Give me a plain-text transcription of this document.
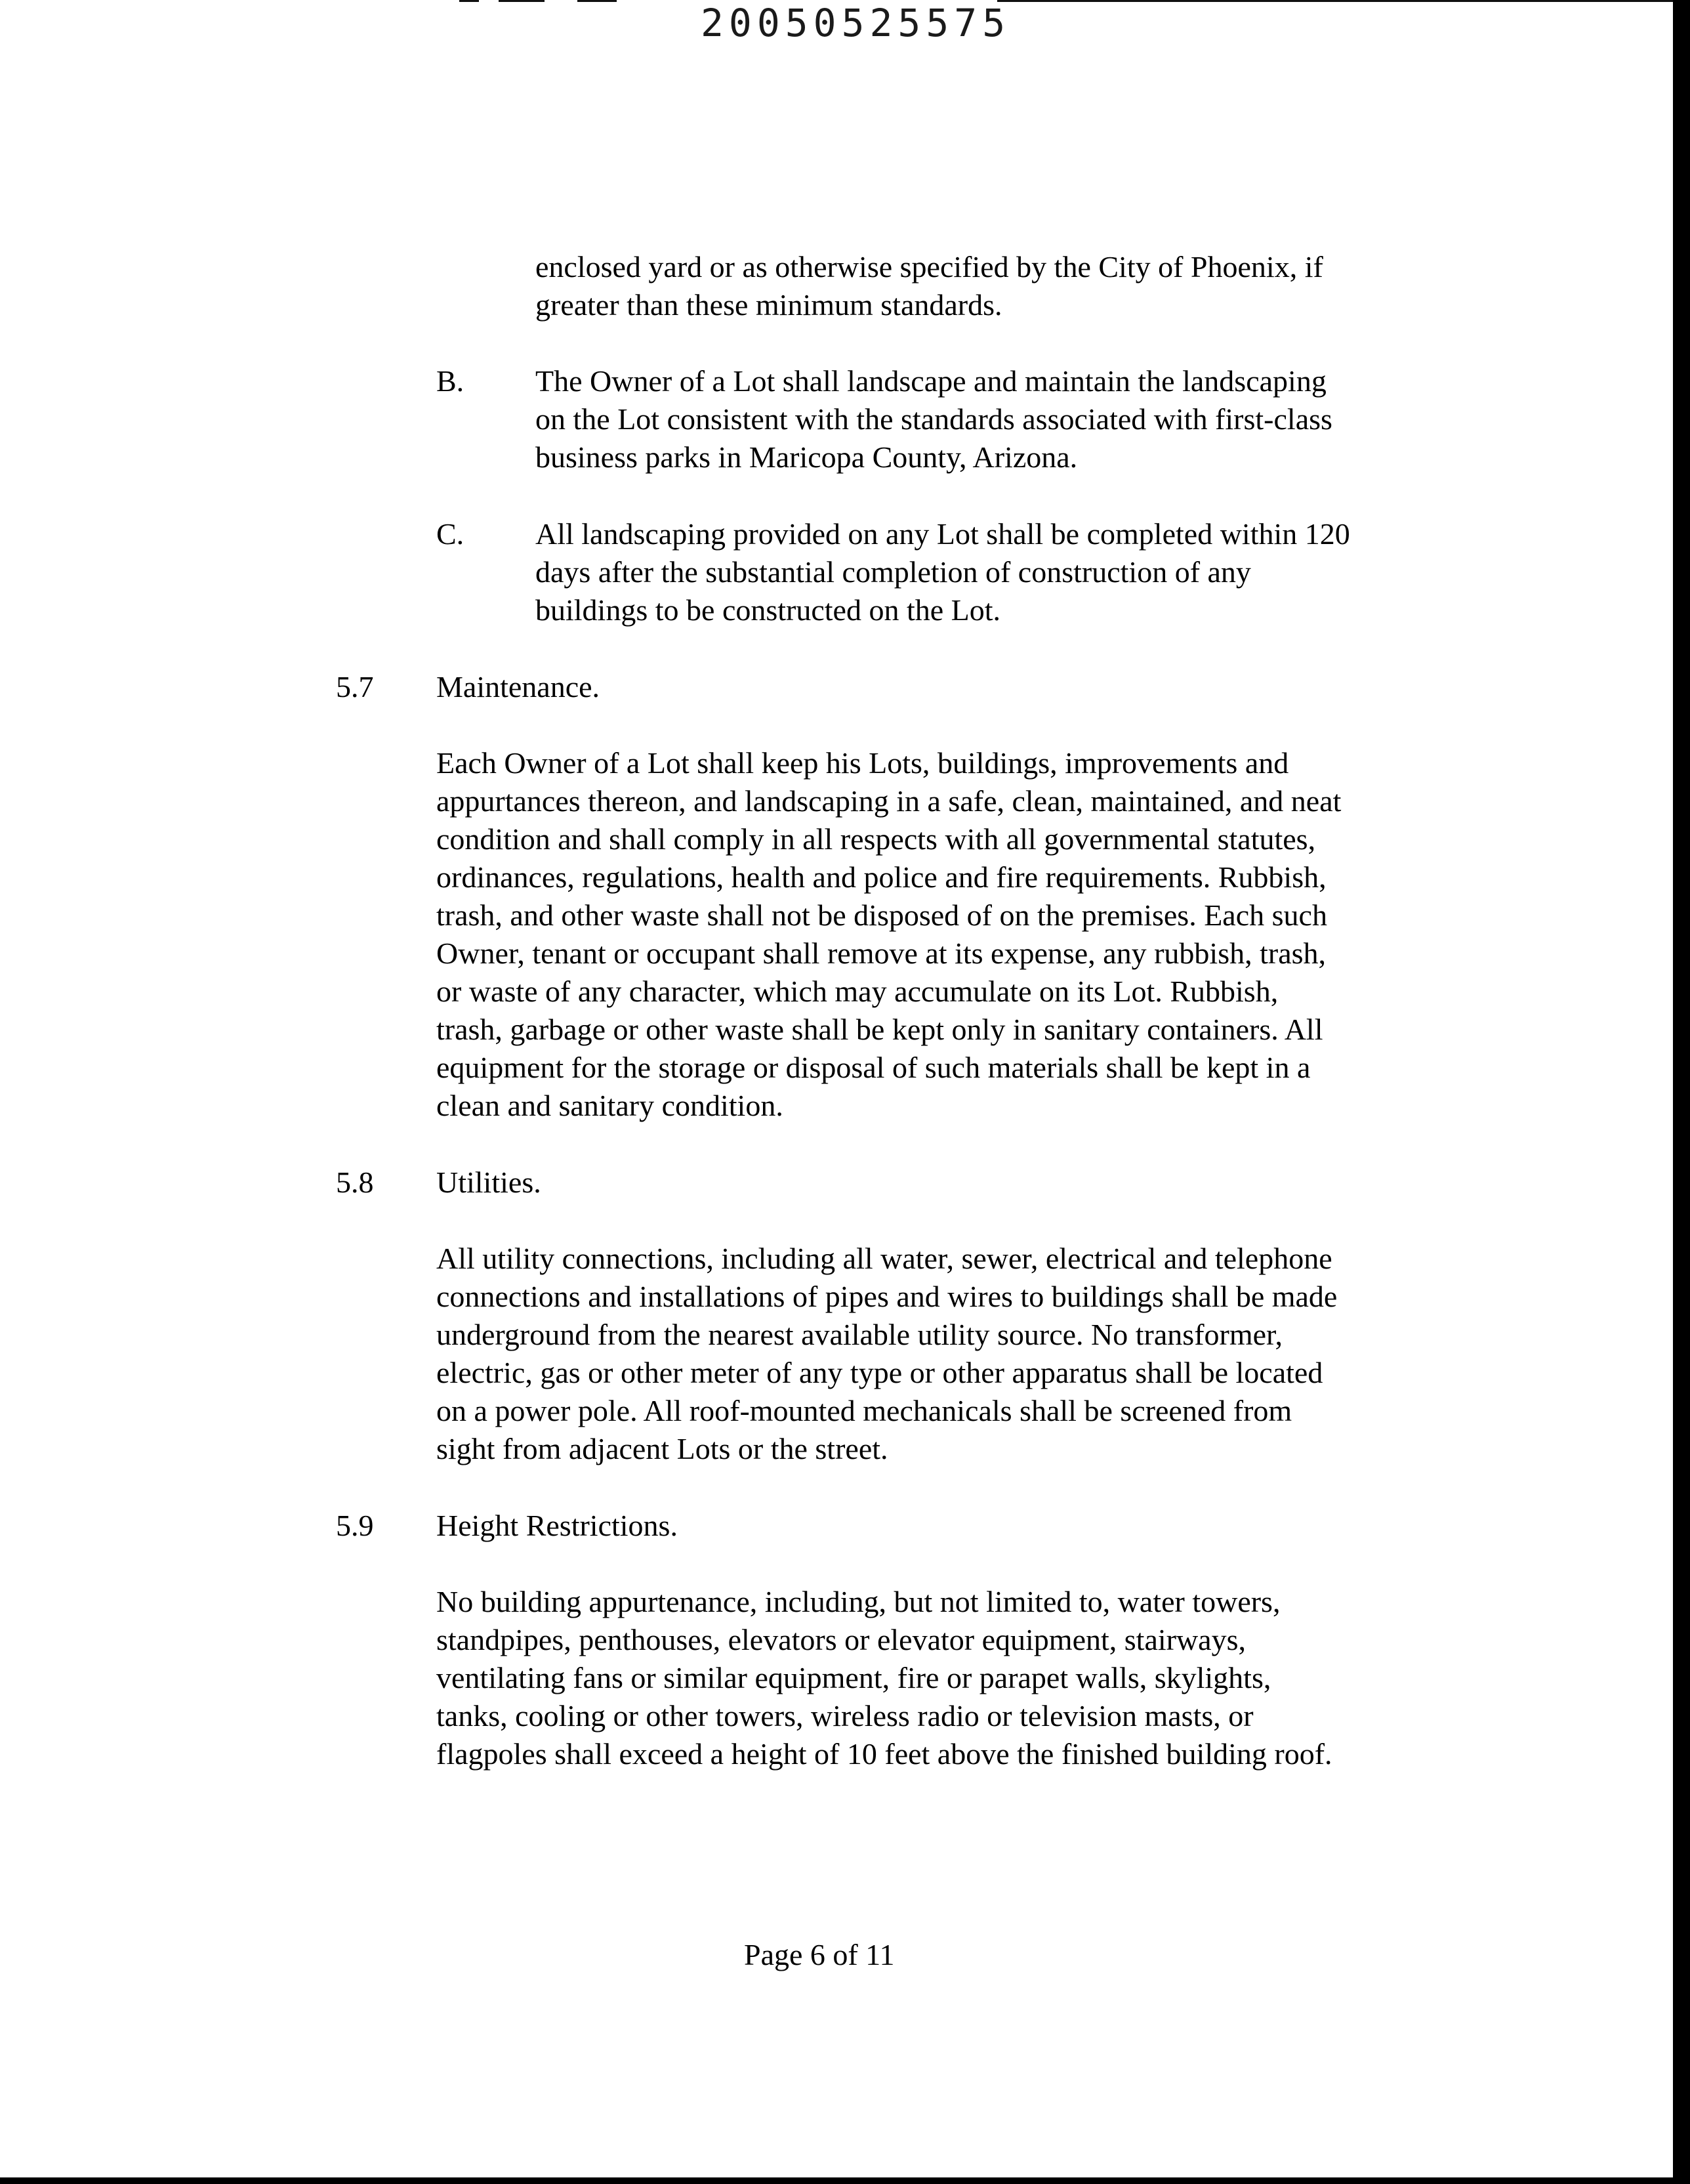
20050525575
enclosed yard or as otherwise specified by the City of Phoenix, if
greater than these minimum standards.
B. The Owner of a Lot shall landscape and maintain the landscaping
on the Lot consistent with the standards associated with first-class
business parks in Maricopa County, Arizona.
C. All landscaping provided on any Lot shall be completed within 120
days after the substantial completion of construction of any
buildings to be constructed on the Lot.
5.7 Maintenance.
Each Owner of a Lot shall keep his Lots, buildings, improvements and
appurtances thereon, and landscaping in a safe, clean, maintained, and neat
condition and shall comply in all respects with all governmental statutes,
ordinances, regulations, health and police and fire requirements. Rubbish,
trash, and other waste shall not be disposed of on the premises. Each such
Owner, tenant or occupant shall remove at its expense, any rubbish, trash,
or waste of any character, which may accumulate on its Lot. Rubbish,
trash, garbage or other waste shall be kept only in sanitary containers. All
equipment for the storage or disposal of such materials shall be kept in a
clean and sanitary condition.
5.8 Utilities.
All utility connections, including all water, sewer, electrical and telephone
connections and installations of pipes and wires to buildings shall be made
underground from the nearest available utility source. No transformer,
electric, gas or other meter of any type or other apparatus shall be located
on a power pole. All roof-mounted mechanicals shall be screened from
sight from adjacent Lots or the street.
5.9 Height Restrictions.
No building appurtenance, including, but not limited to, water towers,
standpipes, penthouses, elevators or elevator equipment, stairways,
ventilating fans or similar equipment, fire or parapet walls, skylights,
tanks, cooling or other towers, wireless radio or television masts, or
flagpoles shall exceed a height of 10 feet above the finished building roof.
Page 6 of 11
